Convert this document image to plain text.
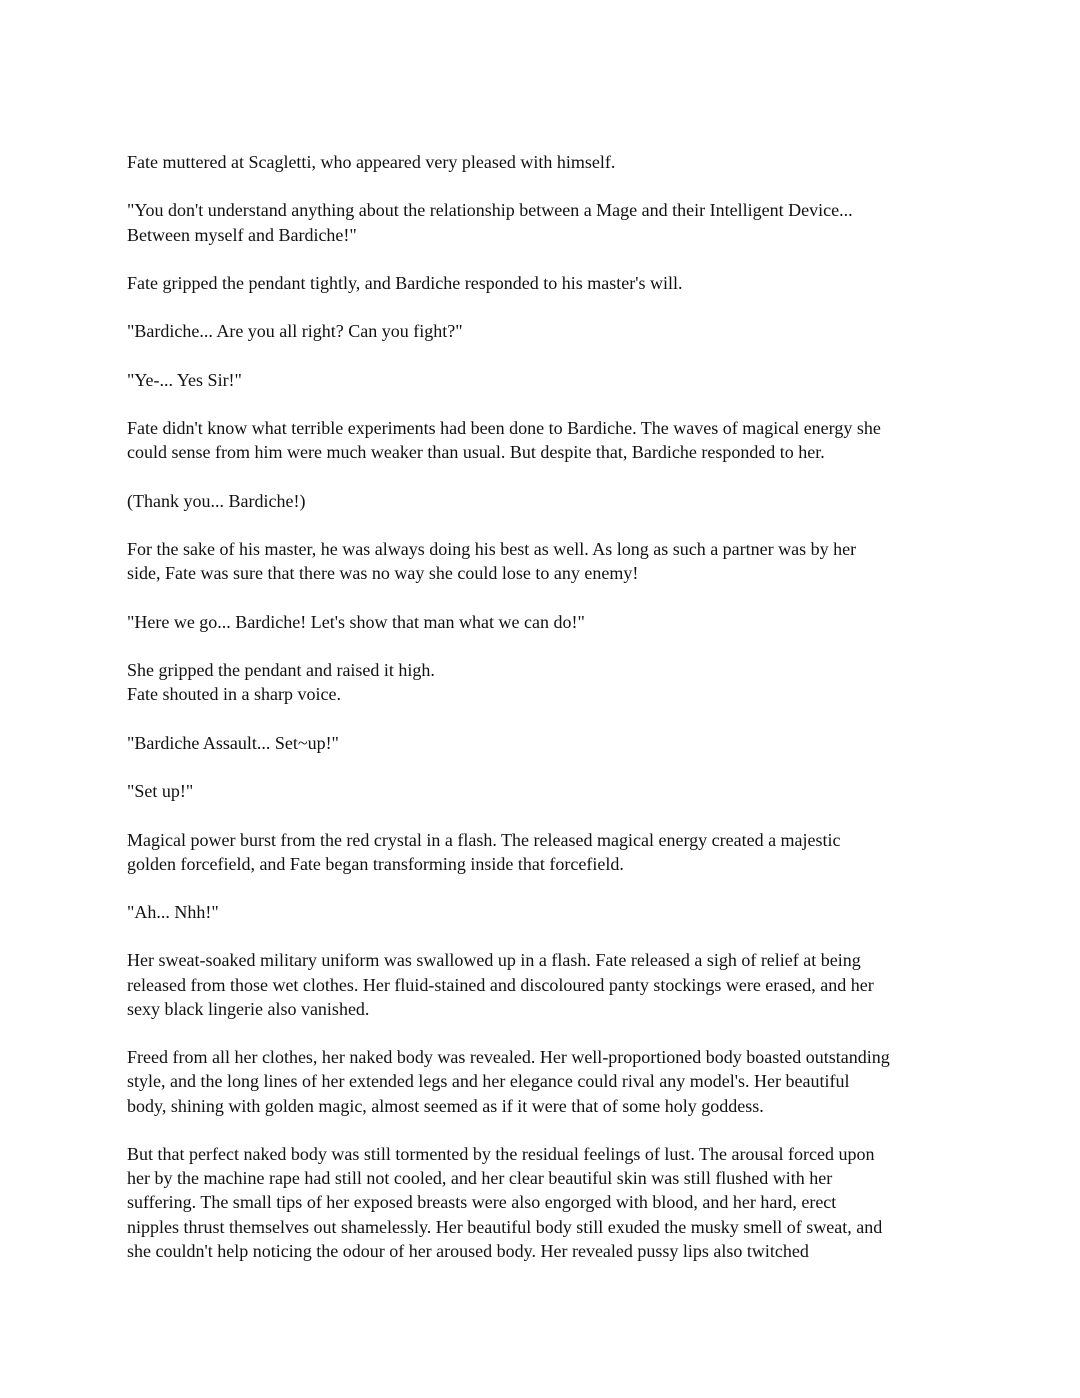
Fate muttered at Scagletti, who appeared very pleased with himself.

"You don't understand anything about the relationship between a Mage and their Intelligent Device...
Between myself and Bardiche!"

Fate gripped the pendant tightly, and Bardiche responded to his master's will.

"Bardiche... Are you all right? Can you fight?"

"Ye-... Yes Sir!"

Fate didn't know what terrible experiments had been done to Bardiche. The waves of magical energy she
could sense from him were much weaker than usual. But despite that, Bardiche responded to her.

(Thank you... Bardiche!)

For the sake of his master, he was always doing his best as well. As long as such a partner was by her
side, Fate was sure that there was no way she could lose to any enemy!

"Here we go... Bardiche! Let's show that man what we can do!"

She gripped the pendant and raised it high.
Fate shouted in a sharp voice.

"Bardiche Assault... Set~up!"

"Set up!"

Magical power burst from the red crystal in a flash. The released magical energy created a majestic
golden forcefield, and Fate began transforming inside that forcefield.

"Ah... Nhh!"

Her sweat-soaked military uniform was swallowed up in a flash. Fate released a sigh of relief at being
released from those wet clothes. Her fluid-stained and discoloured panty stockings were erased, and her
sexy black lingerie also vanished.

Freed from all her clothes, her naked body was revealed. Her well-proportioned body boasted outstanding
style, and the long lines of her extended legs and her elegance could rival any model's. Her beautiful
body, shining with golden magic, almost seemed as if it were that of some holy goddess.

But that perfect naked body was still tormented by the residual feelings of lust. The arousal forced upon
her by the machine rape had still not cooled, and her clear beautiful skin was still flushed with her
suffering. The small tips of her exposed breasts were also engorged with blood, and her hard, erect
nipples thrust themselves out shamelessly. Her beautiful body still exuded the musky smell of sweat, and
she couldn't help noticing the odour of her aroused body. Her revealed pussy lips also twitched
